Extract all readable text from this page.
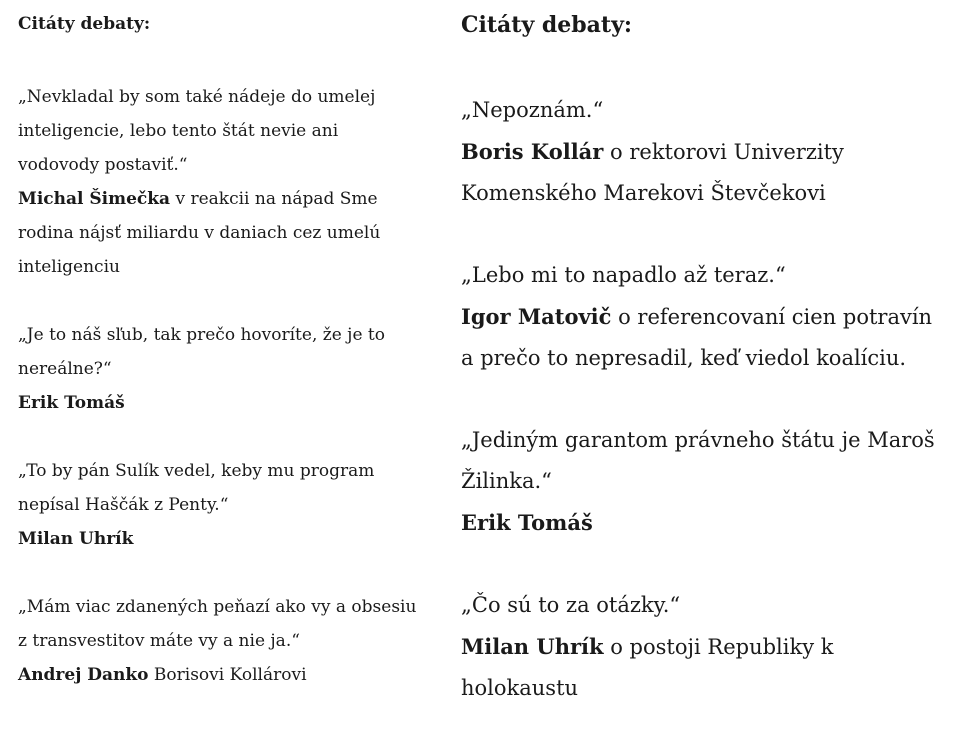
Citáty debaty:

„Nevkladal by som také nádeje do umelej inteligencie, lebo tento štát nevie ani vodovody postaviť.“
Michal Šimečka v reakcii na nápad Sme rodina nájsť miliardu v daniach cez umelú inteligenciu

„Je to náš sľub, tak prečo hovoríte, že je to nereálne?“
Erik Tomáš

„To by pán Sulík vedel, keby mu program nepísal Haščák z Penty.“
Milan Uhrík

„Mám viac zdanených peňazí ako vy a obsesiu z transvestitov máte vy a nie ja.“
Andrej Danko Borisovi Kollárovi

Citáty debaty:

„Nepoznám.“
Boris Kollár o rektorovi Univerzity Komenského Marekovi Števčekovi

„Lebo mi to napadlo až teraz.“
Igor Matovič o referencovaní cien potravín a prečo to nepresadil, keď viedol koalíciu.

„Jediným garantom právneho štátu je Maroš Žilinka.“
Erik Tomáš

„Čo sú to za otázky.“
Milan Uhrík o postoji Republiky k holokaustu
